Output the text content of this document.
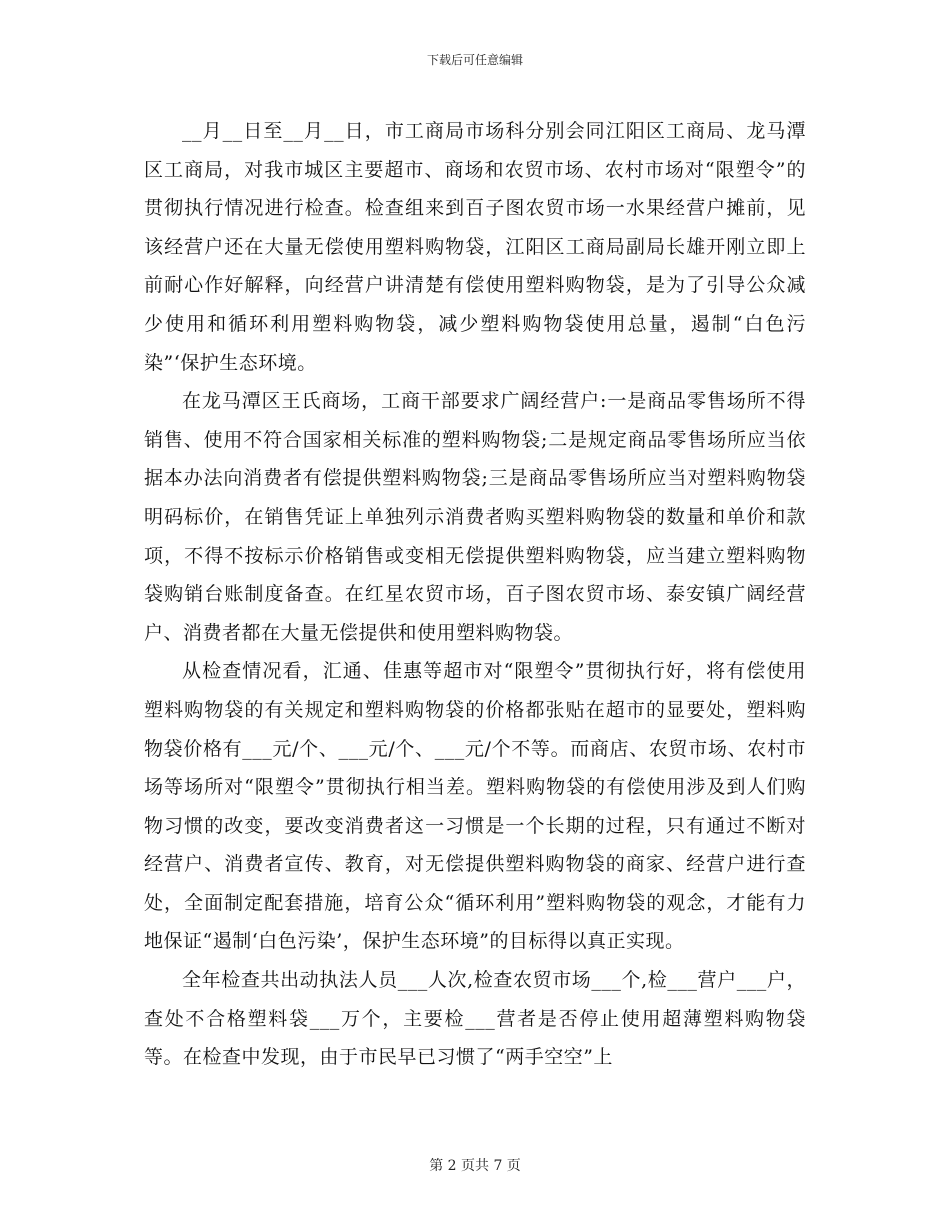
下载后可任意编辑

__月__日至__月__日，市工商局市场科分别会同江阳区工商局、龙马潭区工商局，对我市城区主要超市、商场和农贸市场、农村市场对“限塑令”的贯彻执行情况进行检查。检查组来到百子图农贸市场一水果经营户摊前，见该经营户还在大量无偿使用塑料购物袋，江阳区工商局副局长雄开刚立即上前耐心作好解释，向经营户讲清楚有偿使用塑料购物袋，是为了引导公众减少使用和循环利用塑料购物袋，减少塑料购物袋使用总量，遏制“白色污染”‘保护生态环境。

在龙马潭区王氏商场，工商干部要求广阔经营户:一是商品零售场所不得销售、使用不符合国家相关标准的塑料购物袋;二是规定商品零售场所应当依据本办法向消费者有偿提供塑料购物袋;三是商品零售场所应当对塑料购物袋明码标价，在销售凭证上单独列示消费者购买塑料购物袋的数量和单价和款项，不得不按标示价格销售或变相无偿提供塑料购物袋，应当建立塑料购物袋购销台账制度备查。在红星农贸市场，百子图农贸市场、泰安镇广阔经营户、消费者都在大量无偿提供和使用塑料购物袋。

从检查情况看，汇通、佳惠等超市对“限塑令”贯彻执行好，将有偿使用塑料购物袋的有关规定和塑料购物袋的价格都张贴在超市的显要处，塑料购物袋价格有___元/个、___元/个、___元/个不等。而商店、农贸市场、农村市场等场所对“限塑令”贯彻执行相当差。塑料购物袋的有偿使用涉及到人们购物习惯的改变，要改变消费者这一习惯是一个长期的过程，只有通过不断对经营户、消费者宣传、教育，对无偿提供塑料购物袋的商家、经营户进行查处，全面制定配套措施，培育公众“循环利用”塑料购物袋的观念，才能有力地保证“遏制‘白色污染’，保护生态环境”的目标得以真正实现。

全年检查共出动执法人员___人次,检查农贸市场___个,检___营户___户，查处不合格塑料袋___万个，主要检___营者是否停止使用超薄塑料购物袋等。在检查中发现，由于市民早已习惯了“两手空空”上

第 2 页共 7 页
